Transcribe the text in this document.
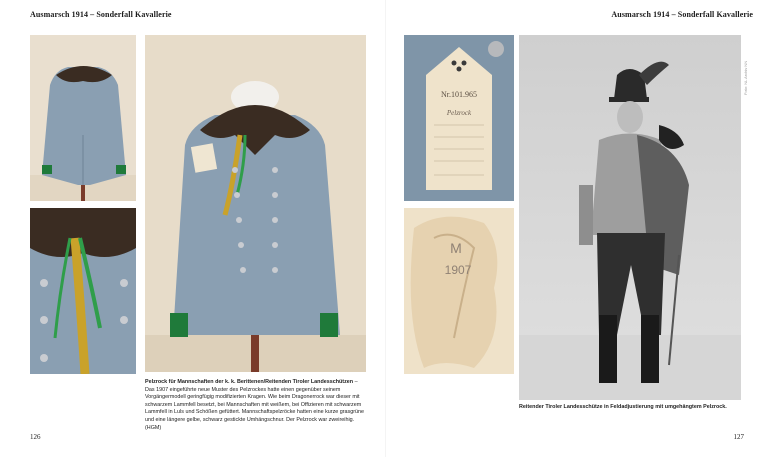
Ausmarsch 1914 – Sonderfall Kavallerie
Pelzrock für Mannschaften der k. k. Berittenen/Reitenden Tiroler Landesschützen – Das 1907 eingeführte neue Muster des Pelzrockes hatte einen gegenüber seinem Vorgängermodell geringfügig modifizierten Kragen. Wie beim Dragonerrock war dieser mit schwarzem Lammfell besetzt, bei Mannschaften mit weißem, bei Offizieren mit schwarzem Lammfell in Luls und Schößen gefüttert. Mannschaftspelzröcke hatten eine kurze grasgrüne und eine längere gelbe, schwarz gestickte Umhängschnur. Der Pelzrock war zweireihig. (HGM)
126
Ausmarsch 1914 – Sonderfall Kavallerie
Nr.101.965
Pelzrock
M
1907
Foto: NL Archiv NN
Reitender Tiroler Landesschütze in Feldadjustierung mit umgehängtem Pelzrock.
127
